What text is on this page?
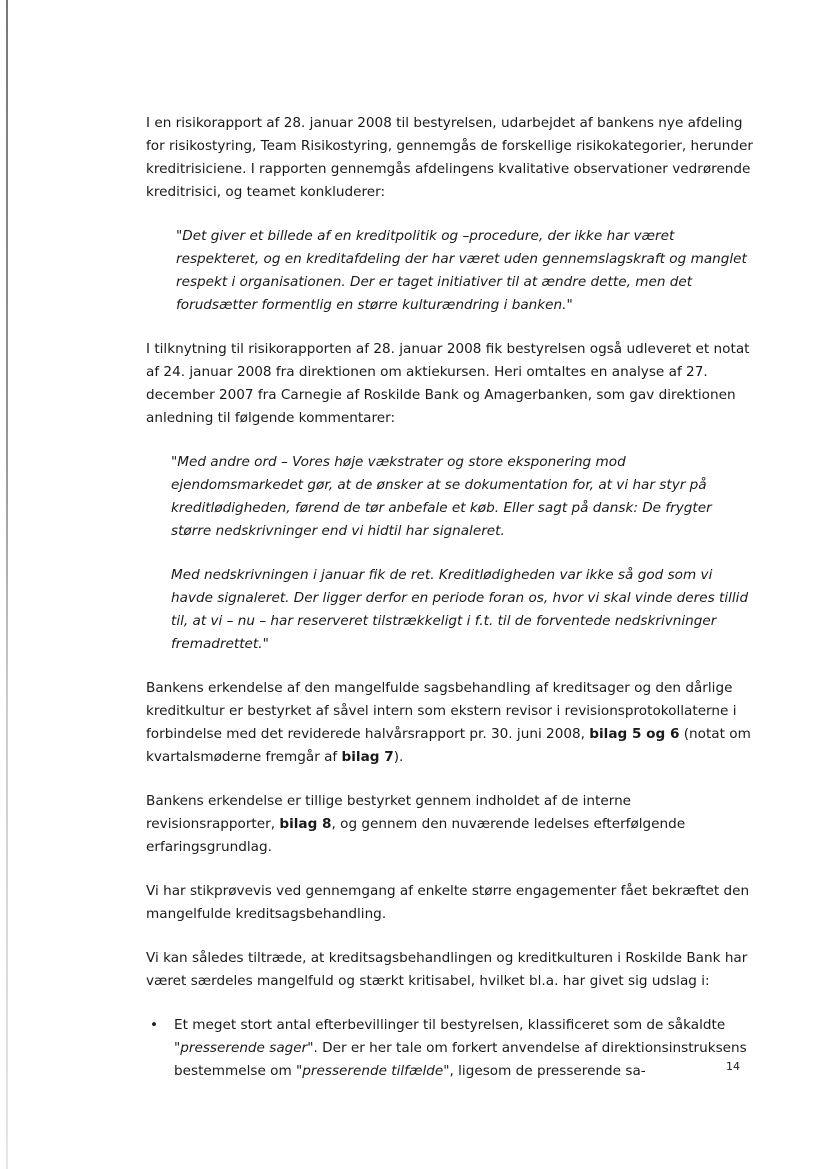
I en risikorapport af 28. januar 2008 til bestyrelsen, udarbejdet af bankens nye afdeling for risikostyring, Team Risikostyring, gennemgås de forskellige risikokategorier, herunder kreditrisiciene. I rapporten gennemgås afdelingens kvalitative observationer vedrørende kreditrisici, og teamet konkluderer:

"Det giver et billede af en kreditpolitik og –procedure, der ikke har været respekteret, og en kreditafdeling der har været uden gennemslagskraft og manglet respekt i organisationen. Der er taget initiativer til at ændre dette, men det forudsætter formentlig en større kulturændring i banken."

I tilknytning til risikorapporten af 28. januar 2008 fik bestyrelsen også udleveret et notat af 24. januar 2008 fra direktionen om aktiekursen. Heri omtaltes en analyse af 27. december 2007 fra Carnegie af Roskilde Bank og Amagerbanken, som gav direktionen anledning til følgende kommentarer:

"Med andre ord – Vores høje vækstrater og store eksponering mod ejendomsmarkedet gør, at de ønsker at se dokumentation for, at vi har styr på kreditlødigheden, førend de tør anbefale et køb. Eller sagt på dansk: De frygter større nedskrivninger end vi hidtil har signaleret.

Med nedskrivningen i januar fik de ret. Kreditlødigheden var ikke så god som vi havde signaleret. Der ligger derfor en periode foran os, hvor vi skal vinde deres tillid til, at vi – nu – har reserveret tilstrækkeligt i f.t. til de forventede nedskrivninger fremadrettet."

Bankens erkendelse af den mangelfulde sagsbehandling af kreditsager og den dårlige kreditkultur er bestyrket af såvel intern som ekstern revisor i revisionsprotokollaterne i forbindelse med det reviderede halvårsrapport pr. 30. juni 2008, bilag 5 og 6 (notat om kvartalsmøderne fremgår af bilag 7).

Bankens erkendelse er tillige bestyrket gennem indholdet af de interne revisionsrapporter, bilag 8, og gennem den nuværende ledelses efterfølgende erfaringsgrundlag.

Vi har stikprøvevis ved gennemgang af enkelte større engagementer fået bekræftet den mangelfulde kreditsagsbehandling.

Vi kan således tiltræde, at kreditsagsbehandlingen og kreditkulturen i Roskilde Bank har været særdeles mangelfuld og stærkt kritisabel, hvilket bl.a. har givet sig udslag i:

• Et meget stort antal efterbevillinger til bestyrelsen, klassificeret som de såkaldte "presserende sager". Der er her tale om forkert anvendelse af direktionsinstruksens bestemmelse om "presserende tilfælde", ligesom de presserende sa-	14
